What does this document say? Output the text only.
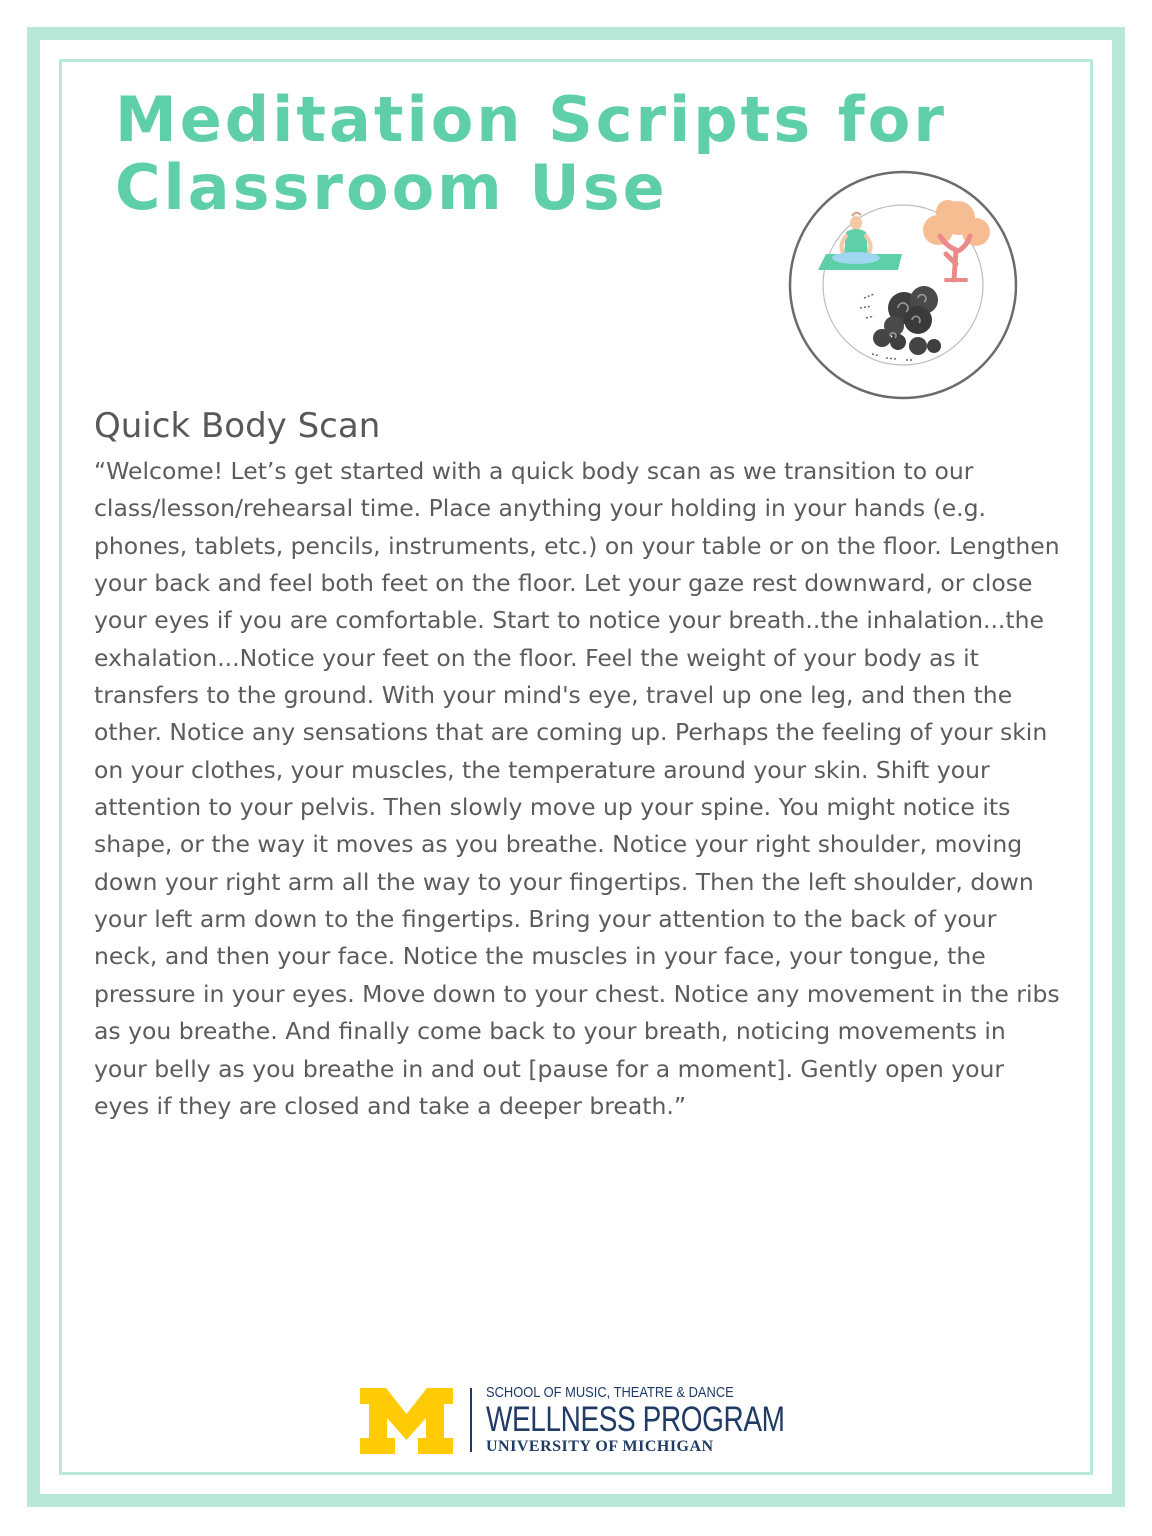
Meditation Scripts for
Classroom Use
Quick Body Scan

“Welcome! Let’s get started with a quick body scan as we transition to our class/lesson/rehearsal time. Place anything your holding in your hands (e.g. phones, tablets, pencils, instruments, etc.) on your table or on the floor. Lengthen your back and feel both feet on the floor. Let your gaze rest downward, or close your eyes if you are comfortable. Start to notice your breath..the inhalation...the exhalation...Notice your feet on the floor. Feel the weight of your body as it transfers to the ground. With your mind's eye, travel up one leg, and then the other. Notice any sensations that are coming up. Perhaps the feeling of your skin on your clothes, your muscles, the temperature around your skin. Shift your attention to your pelvis. Then slowly move up your spine. You might notice its shape, or the way it moves as you breathe. Notice your right shoulder, moving down your right arm all the way to your fingertips. Then the left shoulder, down your left arm down to the fingertips. Bring your attention to the back of your neck, and then your face. Notice the muscles in your face, your tongue, the pressure in your eyes. Move down to your chest. Notice any movement in the ribs as you breathe. And finally come back to your breath, noticing movements in your belly as you breathe in and out [pause for a moment]. Gently open your eyes if they are closed and take a deeper breath.”

SCHOOL OF MUSIC, THEATRE & DANCE
WELLNESS PROGRAM
UNIVERSITY OF MICHIGAN
